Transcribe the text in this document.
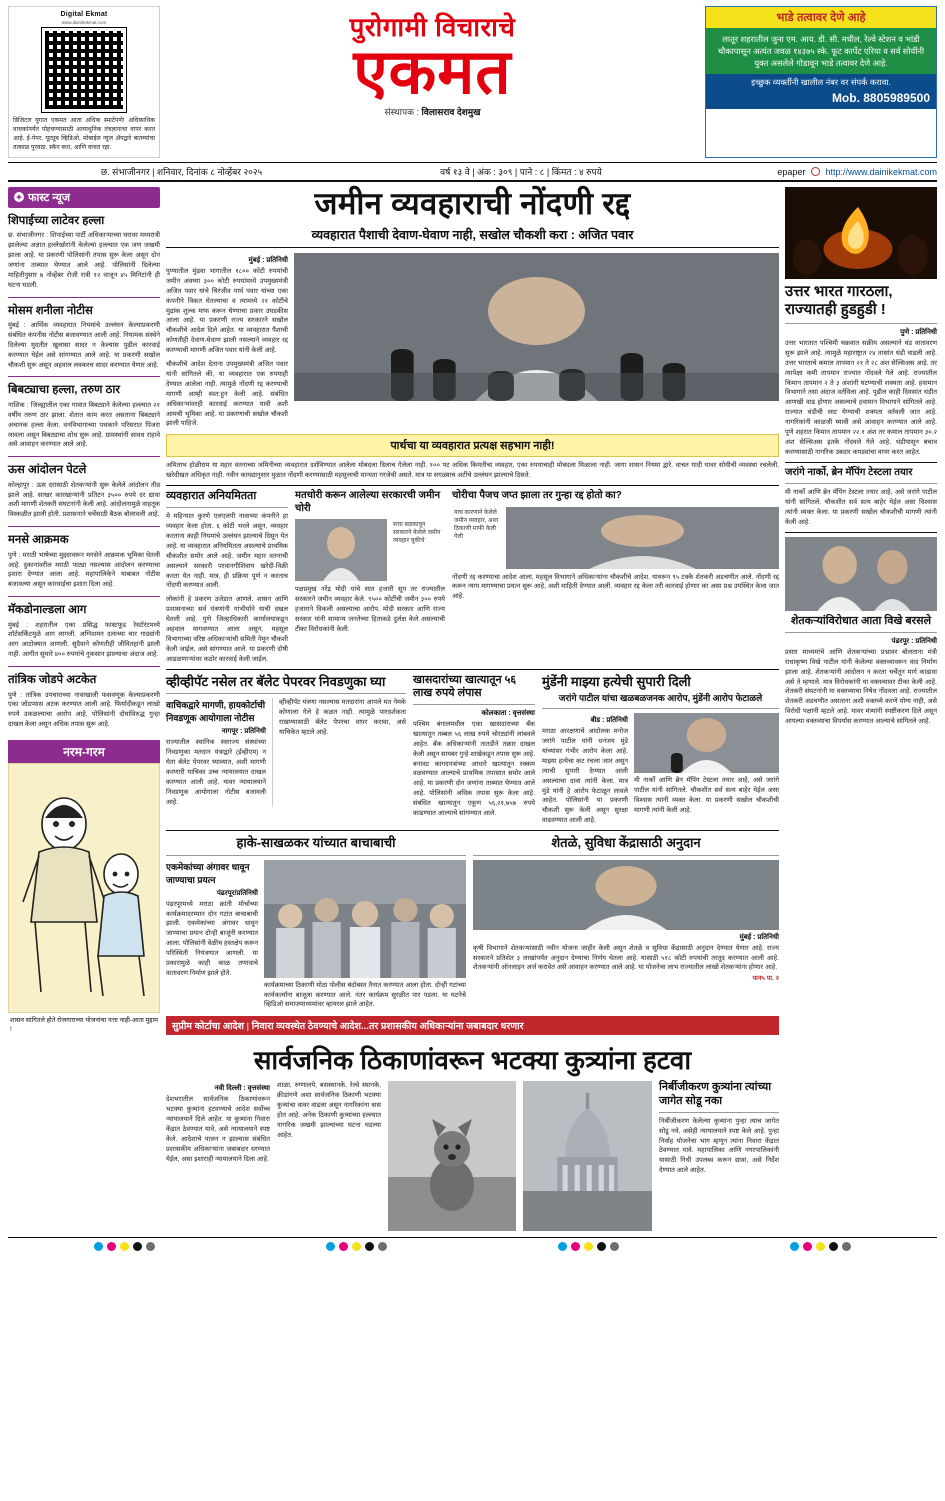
Digital Ekmat
www.dainikekmat.com
डिजिटल युगात एकमत आता अधिक स्मार्टपणे! अधिकाधिक वाचकांपर्यंत पोहचण्यासाठी अत्याधुनिक तंत्रज्ञानाचा वापर करत आहे. ई-पेपर, यूट्यूब व्हिडिओ, मोबाईल न्यूज अ‍ॅपद्वारे बातम्यांचा तत्काळ पुरवठा. स्कॅन करा, आणि वाचत रहा.
पुरोगामी विचाराचे
एकमत
संस्थापक : विलासराव देशमुख
भाडे तत्वावर देणे आहे
लातूर शहरातील जुना एम. आय. डी. सी. मधील, रेल्वे स्टेशन व भांडी चौकापासून अत्यंत जवळ १४३७५ स्के. फूट कार्पेट एरिया व सर्व सोयींनी युक्त असलेले गोडावून भाडे तत्वावर देणे आहे.
इच्छुक व्यक्तींनी खालील नंबर वर संपर्क करावा.
Mob. 8805989500
छ. संभाजीनगर | शनिवार, दिनांक ८ नोव्हेंबर २०२५	वर्ष १३ वे | अंक : ३०९ | पाने : ८ | किंमत : ४ रुपये	epaper http://www.dainikekmat.com
✦ फास्ट न्यूज
शिपाईच्या लाटेवर हल्ला
छ. संभाजीनगर : शिपाईच्या पार्टी अधिकाऱ्याच्या घरावर मध्यरात्री झालेल्या अज्ञात हल्लेखोरांनी केलेल्या हल्ल्यात एक जण जखमी झाला आहे. या प्रकरणी पोलिसांनी तपास सुरू केला असून दोन जणांना ताब्यात घेण्यात आले आहे. पोलिसांनी दिलेल्या माहितीनुसार ७ नोव्हेंबर रोजी रात्री १२ वाजून ४५ मिनिटांनी ही घटना घडली.
मोसम शनीला नोटीस
मुंबई : आर्थिक व्यवहारात नियमांचे उल्लंघन केल्याप्रकरणी संबंधित कंपनीस नोटीस बजावण्यात आली आहे. नियामक संस्थेने दिलेल्या मुदतीत खुलासा सादर न केल्यास पुढील कारवाई करण्यात येईल असे सांगण्यात आले आहे. या प्रकरणी सखोल चौकशी सुरू असून अहवाल लवकरच सादर करण्यात येणार आहे.
बिबट्याचा हल्ला, तरुण ठार
नाशिक : जिल्ह्यातील एका गावात बिबट्याने केलेल्या हल्ल्यात २१ वर्षीय तरुण ठार झाला. शेतात काम करत असताना बिबट्याने अचानक हल्ला केला. वनविभागाच्या पथकाने परिसरात पिंजरा लावला असून बिबट्याचा शोध सुरू आहे. ग्रामस्थांनी सावध राहावे असे आवाहन करण्यात आले आहे.
ऊस आंदोलन पेटले
कोल्हापूर : ऊस दरासाठी शेतकऱ्यांनी सुरू केलेले आंदोलन तीव्र झाले आहे. साखर कारखान्यांनी प्रतिटन ३५०० रुपये दर द्यावा अशी मागणी शेतकरी संघटनांनी केली आहे. आंदोलनामुळे वाहतूक विस्कळीत झाली होती. प्रशासनाने चर्चेसाठी बैठक बोलावली आहे.
मनसे आक्रमक
पुणे : मराठी भाषेच्या मुद्द्यावरून मनसेने आक्रमक भूमिका घेतली आहे. दुकानांवरील मराठी पाट्या नसल्यास आंदोलन करण्याचा इशारा देण्यात आला आहे. महापालिकेने याबाबत नोटीस बजावल्या असून कारवाईचा इशारा दिला आहे.
मॅकडोनाल्डला आग
मुंबई : शहरातील एका प्रसिद्ध फास्टफूड रेस्टॉरंटमध्ये शॉर्टसर्किटमुळे आग लागली. अग्निशमन दलाच्या चार गाड्यांनी आग आटोक्यात आणली. सुदैवाने कोणतीही जीवितहानी झाली नाही. आगीत सुमारे ४०० रुपयांचे नुकसान झाल्याचा अंदाज आहे.
तांत्रिक जोडपे अटकेत
पुणे : तांत्रिक उपचाराच्या नावाखाली फसवणूक केल्याप्रकरणी एका जोडप्यास अटक करण्यात आली आहे. फिर्यादीकडून लाखो रुपये उकळल्याचा आरोप आहे. पोलिसांनी दोघांविरुद्ध गुन्हा दाखल केला असून अधिक तपास सुरू आहे.
नरम-गरम
शासन सांगितले होते रोजगाराच्या योजनांचा पत्ता नाही-आता मुद्दाम !
जमीन व्यवहाराची नोंदणी रद्द
व्यवहारात पैशाची देवाण-घेवाण नाही, सखोल चौकशी करा : अजित पवार
मुंबई : प्रतिनिधी
पुण्यातील मुंढवा भागातील १८०० कोटी रुपयांची जमीन अवघ्या ३०० कोटी रुपयांमध्ये उपमुख्यमंत्री अजित पवार यांचे चिरंजीव पार्थ पवार यांच्या एका कंपनीने विकत घेतल्याचा व त्यामध्ये २१ कोटींचे मुद्रांक शुल्क माफ करून घेण्याचा प्रकार उघडकीस आला आहे. या प्रकरणी राज्य सरकारने सखोल चौकशीचे आदेश दिले आहेत. या व्यवहारात पैशाची कोणतीही देवाण-घेवाण झाली नसल्याने व्यवहार रद्द करण्याची मागणी अजित पवार यांनी केली आहे.
चौकशीचे आदेश देताना उपमुख्यमंत्री अजित पवार यांनी सांगितले की, या व्यवहारात एक रुपयाही देण्यात आलेला नाही. त्यामुळे नोंदणी रद्द करण्याची मागणी आम्ही स्वत:हून केली आहे. संबंधित अधिकाऱ्यांवरही कारवाई करण्यात यावी अशी आमची भूमिका आहे. या प्रकरणाची सखोल चौकशी झाली पाहिजे.
पार्थचा या व्यवहारात प्रत्यक्ष सहभाग नाही!
अमिताभ होळीराम या महार वतनाच्या जमिनीच्या व्यवहारात दर्शविण्यात आलेला मोबदला दिलाच गेलेला नाही. १०० पट अधिक किमतीचा व्यवहार, एका रुपयाचाही मोबदला मिळाला नाही. जागा शासन नियमा द्वारे. वाचत यादी यावर सोयीची व्यवस्था रचलेली, खरेदीखत अधिकृत नाही. नवीन कायद्यानुसार मुळात नोंदणी करण्यासाठी महसुलाची मान्यता गरजेची असते. मात्र या सगळ्याच अटींचे उल्लंघन झाल्याचे दिसते.
व्यवहारात अनियमितता
मे महिन्यात कुरणे एलएलपी नावाच्या कंपनीने हा व्यवहार केला होता. ६ कोटी भरले असून, व्यवहार करताना काही नियमांचे उल्लंघन झाल्याचे दिसून येत आहे. या व्यवहारात अनियमितता असल्याचे प्राथमिक चौकशीत समोर आले आहे. जमीन महार वतनाची असल्याने सरकारी परवानगीशिवाय खरेदी-विक्री करता येत नाही. मात्र, ही प्रक्रिया पूर्ण न करताच नोंदणी करण्यात आली.
लोकांनी हे प्रकरण उजेडात आणले. शासन आणि प्रशासनाच्या सर्व यंत्रणांनी गांभीर्याने याची दखल घेतली आहे. पुणे जिल्हाधिकारी कार्यालयाकडून अहवाल मागवण्यात आला असून, महसूल विभागाच्या वरिष्ठ अधिकाऱ्यांची समिती नेमून चौकशी केली जाईल, असे सांगण्यात आले. या प्रकरणी दोषी आढळणाऱ्यांवर कठोर कारवाई केली जाईल.
मतचोरी करून आलेल्या सरकारची जमीन चोरी
सत्ता बळकावून सरकारने केलेले जमीन व्यवहार चुकीचे
पक्षप्रमुख नरेंद्र मोदी यांचे सात हजारी सूप तर राज्यातील सरकारने जमीन व्यवहार केले. ९५०० कोटींची जमीन ३०० रुपये हजाराने विकली असल्याचा आरोप. मोदी सरकार आणि राज्य सरकार यांनी सामान्य जनतेच्या हिताकडे दुर्लक्ष केले असल्याची टीका विरोधकांनी केली.
चोरीचा पैजच जप्त झाला तर गुन्हा रद्द होतो का?
याच कारणाने केलेले जमीन व्यवहार, अशा ठिकाणी माफी केली गेली
नोंदणी रद्द करण्याचा आदेश आला, महसूल विभागाने अधिकाऱ्यांना चौकशीचे आदेश. यावरून ९५ टक्के शेतकरी अडचणीत आले. नोंदणी रद्द करून न्याय मागण्याचा प्रयत्न सुरू आहे, अशी माहिती देण्यात आली. व्यवहार रद्द केला तरी कारवाई होणार का असा प्रश्न उपस्थित केला जात आहे.
व्हीव्हीपॅट नसेल तर बॅलेट पेपरवर निवडणुका घ्या
वाचिकद्वारे मागणी, हायकोर्टाची निवडणूक आयोगाला नोटीस
नागपूर : प्रतिनिधी
राज्यातील स्थानिक स्वराज्य संस्थांच्या निवडणुका मतदान यंत्राद्वारे (ईव्हीएम) न घेता बॅलेट पेपरवर घ्याव्यात, अशी मागणी करणारी याचिका उच्च न्यायालयात दाखल करण्यात आली आहे. यावर न्यायालयाने निवडणूक आयोगाला नोटीस बजावली आहे.
व्हीव्हीपॅट यंत्रणा नसल्यास मतदारांना आपले मत नेमके कोणाला गेले हे कळत नाही. त्यामुळे पारदर्शकता राखण्यासाठी बॅलेट पेपरचा वापर करावा, असे याचिकेत म्हटले आहे.
खासदारांच्या खात्यातून ५६ लाख रुपये लंपास
कोलकाता : वृत्तसंस्था
पश्चिम बंगालमधील एका खासदाराच्या बँक खात्यातून तब्बल ५६ लाख रुपये चोरट्यांनी लांबवले आहेत. बँक अधिकाऱ्यांनी तातडीने तक्रार दाखल केली असून सायबर गुन्हे शाखेकडून तपास सुरू आहे. बनावट कागदपत्रांच्या आधारे खात्यातून रक्कम वळवण्यात आल्याचे प्राथमिक तपासात समोर आले आहे. या प्रकरणी दोन जणांना ताब्यात घेण्यात आले आहे. पोलिसांनी अधिक तपास सुरू केला आहे. संबंधित खात्यातून एकूण ५६,२१,७५७ रुपये काढण्यात आल्याचे सांगण्यात आले.
मुंडेंनी माझ्या हत्येची सुपारी दिली
जरांगे पाटील यांचा खळबळजनक आरोप, मुंडेंनी आरोप फेटाळले
बीड : प्रतिनिधी
मराठा आरक्षणाचे आंदोलक मनोज जरांगे पाटील यांनी धनंजय मुंडे यांच्यावर गंभीर आरोप केला आहे. माझ्या हत्येचा कट रचला जात असून त्याची सुपारी देण्यात आली असल्याचा दावा त्यांनी केला. मात्र मुंडे यांनी हे आरोप फेटाळून लावले आहेत. पोलिसांनी या प्रकरणी चौकशी सुरू केली असून सुरक्षा वाढवण्यात आली आहे.
मी नार्को आणि ब्रेन मॅपिंग टेस्टला तयार आहे, असे जरांगे पाटील यांनी सांगितले. चौकशीत सर्व सत्य बाहेर येईल असा विश्वास त्यांनी व्यक्त केला. या प्रकरणी सखोल चौकशीची मागणी त्यांनी केली आहे.
हाके-साखळकर यांच्यात बाचाबाची
एकमेकांच्या अंगावर धावून जाण्याचा प्रयत्न
पंढरपूर/प्रतिनिधी
पंढरपूरमध्ये मराठा क्रांती मोर्चाच्या कार्यक्रमादरम्यान दोन गटांत बाचाबाची झाली. एकमेकांच्या अंगावर धावून जाण्याचा प्रयत्न दोन्ही बाजूंनी करण्यात आला. पोलिसांनी वेळीच हस्तक्षेप करून परिस्थिती नियंत्रणात आणली. या प्रकारामुळे काही काळ तणावाचे वातावरण निर्माण झाले होते.
कार्यक्रमाच्या ठिकाणी मोठा पोलीस बंदोबस्त तैनात करण्यात आला होता. दोन्ही गटांच्या कार्यकर्त्यांना बाजूला करण्यात आले. नंतर कार्यक्रम सुरळीत पार पडला. या घटनेचे व्हिडिओ समाजमाध्यमांवर व्हायरल झाले आहेत.
शेतळे, सुविधा केंद्रासाठी अनुदान
मुंबई : प्रतिनिधी
कृषी विभागाने शेतकऱ्यांसाठी नवीन योजना जाहीर केली असून शेतळे व सुविधा केंद्रासाठी अनुदान देण्यात येणार आहे. राज्य सरकारने प्रतिशेत ३ लाखांपर्यंत अनुदान देण्याचा निर्णय घेतला आहे. यासाठी ५१८ कोटी रुपयांची तरतूद करण्यात आली आहे. शेतकऱ्यांनी ऑनलाइन अर्ज करावेत असे आवाहन करण्यात आले आहे. या योजनेचा लाभ राज्यातील लाखो शेतकऱ्यांना होणार आहे.
पान५ पा. २
सुप्रीम कोर्टाचा आदेश | निवारा व्यवस्थेत ठेवण्याचे आदेश...तर प्रशासकीय अधिकाऱ्यांना जबाबदार धरणार
सार्वजनिक ठिकाणांवरून भटक्या कुत्र्यांना हटवा
नवी दिल्ली : वृत्तसंस्था
देशभरातील सार्वजनिक ठिकाणांवरून भटक्या कुत्र्यांना हटवण्याचे आदेश सर्वोच्च न्यायालयाने दिले आहेत. या कुत्र्यांना निवारा केंद्रात ठेवण्यात यावे, असे न्यायालयाने स्पष्ट केले. आदेशाचे पालन न झाल्यास संबंधित प्रशासकीय अधिकाऱ्यांना जबाबदार धरण्यात येईल, असा इशाराही न्यायालयाने दिला आहे.
शाळा, रुग्णालये, बसस्थानके, रेल्वे स्थानके, क्रीडांगणे अशा सार्वजनिक ठिकाणी भटक्या कुत्र्यांचा वावर वाढला असून नागरिकांना त्रास होत आहे. अनेक ठिकाणी कुत्र्यांच्या हल्ल्यात नागरिक जखमी झाल्याच्या घटना घडल्या आहेत.
निर्बीजीकरण कुत्र्यांना त्यांच्या जागेत सोडू नका
निर्बीजीकरण केलेल्या कुत्र्यांना पुन्हा त्याच जागेत सोडू नये, असेही न्यायालयाने स्पष्ट केले आहे. पुन्हा निर्वाह योजनेचा भाग म्हणून त्यांना निवारा केंद्रात ठेवण्यात यावे. महापालिका आणि नगरपालिकांनी यासाठी निधी उपलब्ध करून द्यावा, असे निर्देश देण्यात आले आहेत.
उत्तर भारत गारठला, राज्यातही हुडहुडी !
पुणे : प्रतिनिधी
उत्तर भारतात पश्चिमी चक्रवात सक्रीय असल्याने थंड वातावरण सुरू झाले आहे. त्यामुळे महाराष्ट्रात २४ तासांत थंडी वाढली आहे. उत्तर भारताचे कमाल तापमान २१ ते २८ अंश सेल्सिअस आहे. तर त्यापेक्षा कमी तापमान राज्यात नोंदवले गेले आहे. राज्यातील किमान तापमान २ ते ३ अंशांनी घटण्याची शक्यता आहे. हवामान विभागाने तसा अंदाज वर्तविला आहे. पुढील काही दिवसांत थंडीत आणखी वाढ होणार असल्याचे हवामान विभागाने सांगितले आहे. राज्यात थंडीची लाट येण्याची शक्यता वर्तवली जात आहे. नागरिकांनी काळजी घ्यावी असे आवाहन करण्यात आले आहे. पुणे शहरात किमान तापमान २२.१ अंश तर कमाल तापमान ३०.२ अंश सेल्सिअस इतके नोंदवले गेले आहे. थंडीपासून बचाव करण्यासाठी नागरिक उबदार कपड्यांचा वापर करत आहेत.
जरांगे नार्को, ब्रेन मॅपिंग टेस्टला तयार
मी नार्को आणि ब्रेन मॅपिंग टेस्टला तयार आहे, असे जरांगे पाटील यांनी सांगितले. चौकशीत सर्व सत्य बाहेर येईल असा विश्वास त्यांनी व्यक्त केला. या प्रकरणी सखोल चौकशीची मागणी त्यांनी केली आहे.
शेतकऱ्यांविरोधात आता विखे बरसले
पंढरपूर : प्रतिनिधी
प्रसार माध्यमांचे आणि शेतकऱ्यांच्या प्रश्नावर बोलताना मंत्री राधाकृष्ण विखे पाटील यांनी केलेल्या वक्तव्यावरून वाद निर्माण झाला आहे. शेतकऱ्यांनी आंदोलन न करता चर्चेतून मार्ग काढावा असे ते म्हणाले. मात्र विरोधकांनी या वक्तव्यावर टीका केली आहे. शेतकरी संघटनांनी या वक्तव्याचा निषेध नोंदवला आहे. राज्यातील शेतकरी अडचणीत असताना अशी वक्तव्ये करणे योग्य नाही, असे विरोधी पक्षांनी म्हटले आहे. यावर मंत्र्यांनी स्पष्टीकरण दिले असून आपल्या वक्तव्याचा विपर्यास करण्यात आल्याचे सांगितले आहे.
